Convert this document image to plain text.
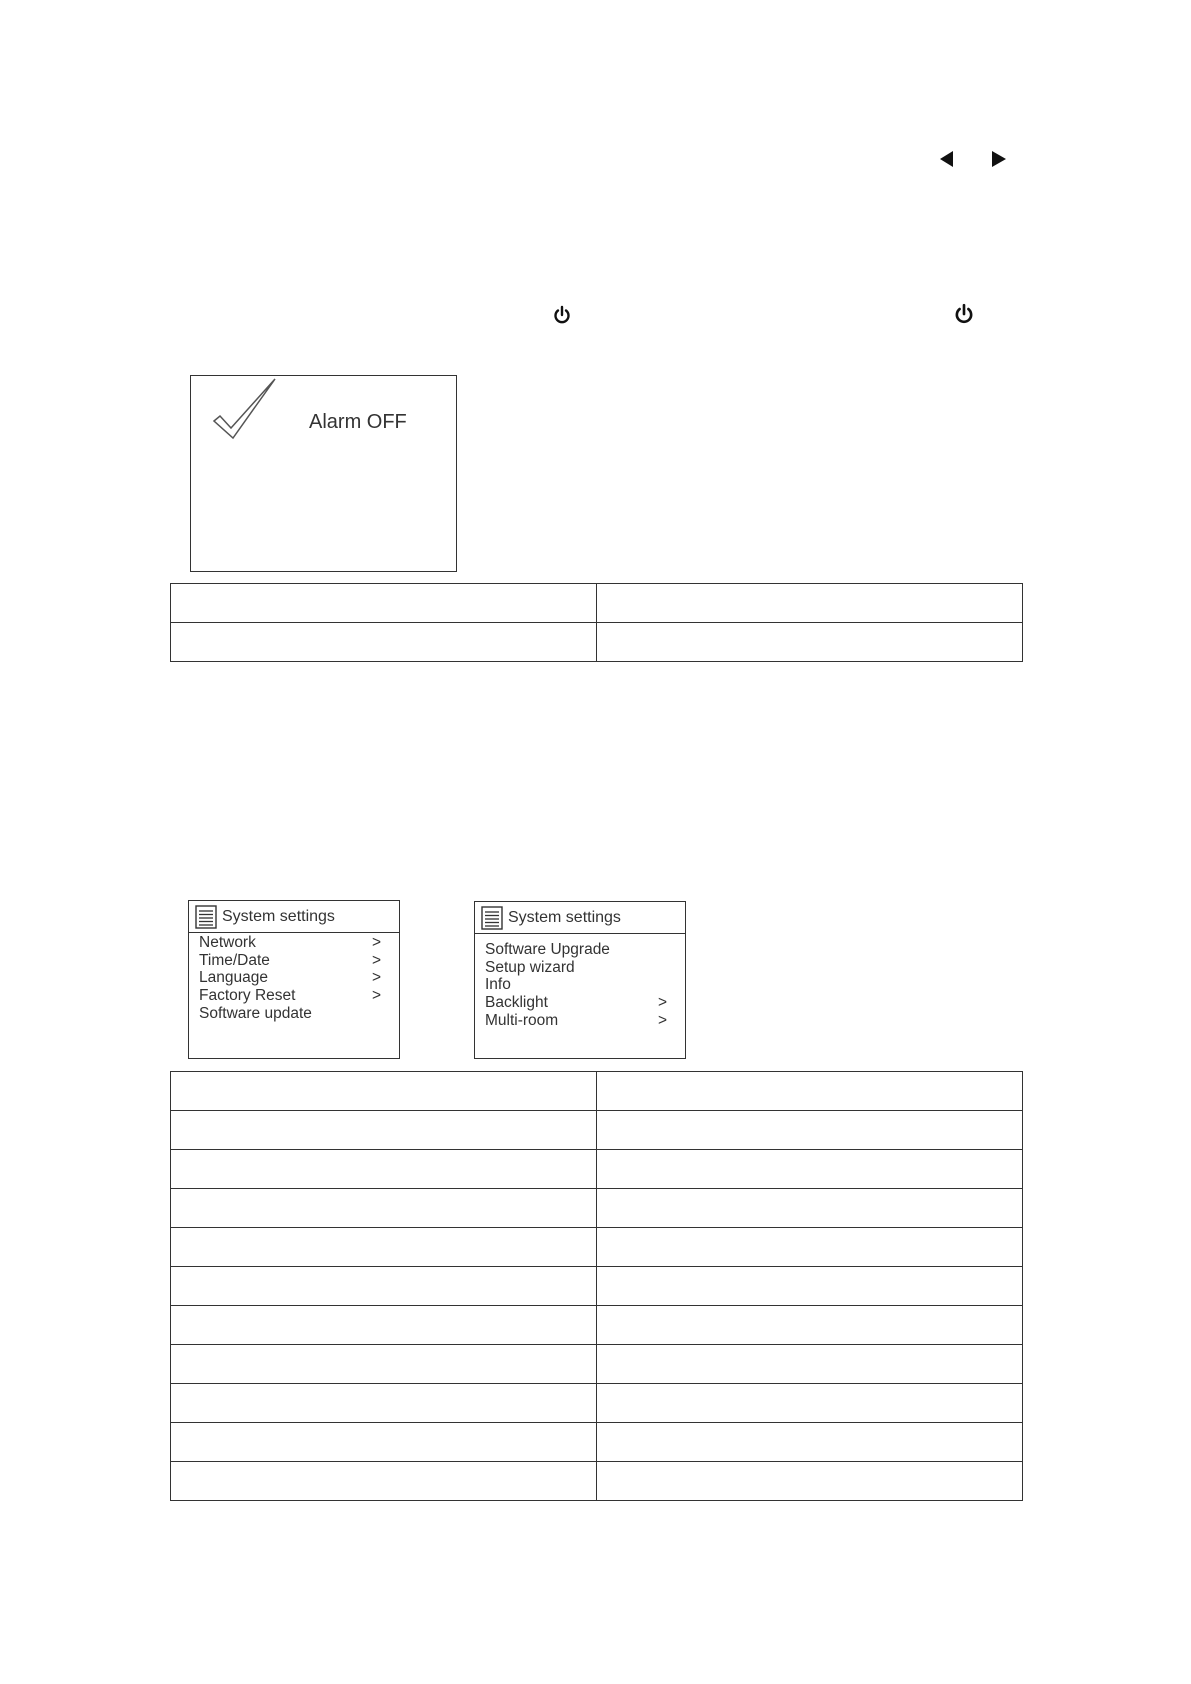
Alarm OFF

System settings
Network	>
Time/Date	>
Language	>
Factory Reset	>
Software update
System settings
Software Upgrade
Setup wizard
Info
Backlight	>
Multi-room	>
